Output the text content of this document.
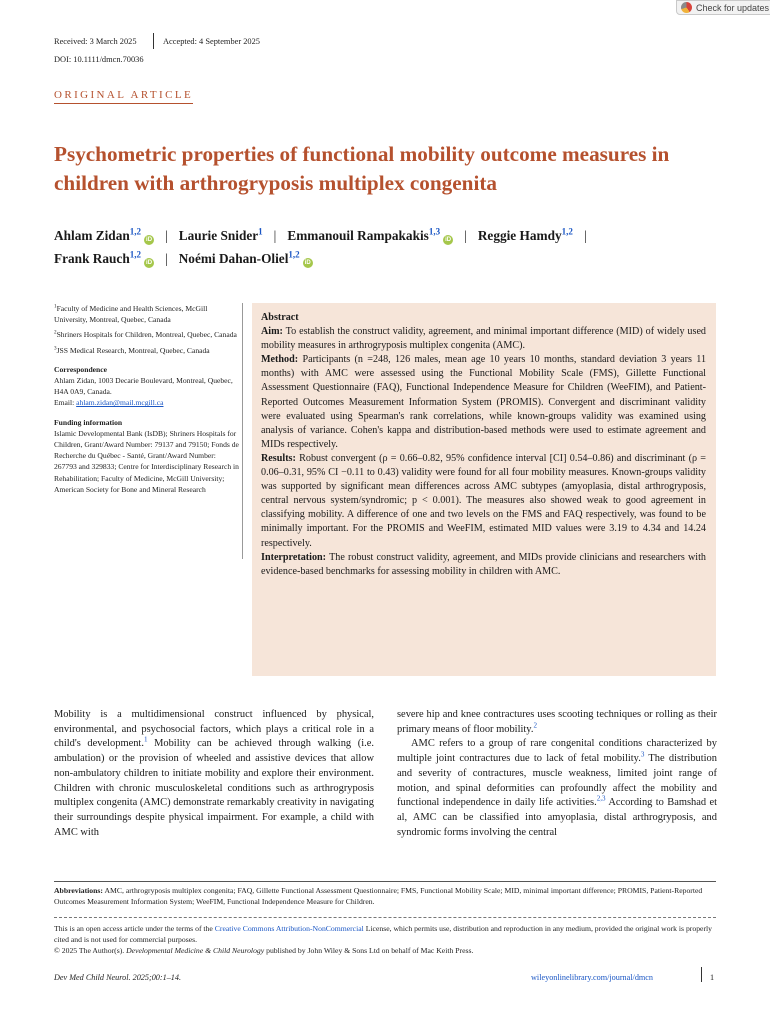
Check for updates
Received: 3 March 2025	Accepted: 4 September 2025
DOI: 10.1111/dmcn.70036
ORIGINAL ARTICLE
Psychometric properties of functional mobility outcome measures in children with arthrogryposis multiplex congenita
Ahlam Zidan$^{1,2}$iD | Laurie Snider$^1$ | Emmanouil Rampakakis$^{1,3}$iD | Reggie Hamdy$^{1,2}$ |
Frank Rauch$^{1,2}$iD | Noémi Dahan-Oliel$^{1,2}$iD
$^1$Faculty of Medicine and Health Sciences, McGill University, Montreal, Quebec, Canada
$^2$Shriners Hospitals for Children, Montreal, Quebec, Canada
$^3$JSS Medical Research, Montreal, Quebec, Canada
Correspondence
Ahlam Zidan, 1003 Decarie Boulevard, Montreal, Quebec, H4A 0A9, Canada.
Email: ahlam.zidan@mail.mcgill.ca
Funding information
Islamic Developmental Bank (IsDB); Shriners Hospitals for Children, Grant/Award Number: 79137 and 79150; Fonds de Recherche du Québec - Santé, Grant/Award Number: 267793 and 329833; Centre for Interdisciplinary Research in Rehabilitation; Faculty of Medicine, McGill University; American Society for Bone and Mineral Research

Abstract

Aim: To establish the construct validity, agreement, and minimal important difference (MID) of widely used mobility measures in arthrogryposis multiplex congenita (AMC).

Method: Participants (n =248, 126 males, mean age 10 years 10 months, standard deviation 3 years 11 months) with AMC were assessed using the Functional Mobility Scale (FMS), Gillette Functional Assessment Questionnaire (FAQ), Functional Independence Measure for Children (WeeFIM), and Patient-Reported Outcomes Measurement Information System (PROMIS). Convergent and discriminant validity were evaluated using Spearman's rank correlations, while known-groups validity was examined using analysis of variance. Cohen's kappa and distribution-based methods were used to estimate agreement and MIDs respectively.

Results: Robust convergent (ρ = 0.66–0.82, 95% confidence interval [CI] 0.54–0.86) and discriminant (ρ = 0.06–0.31, 95% CI −0.11 to 0.43) validity were found for all four mobility measures. Known-groups validity was supported by significant mean differences across AMC subtypes (amyoplasia, distal arthrogryposis, central nervous system/syndromic; p < 0.001). The measures also showed weak to good agreement in classifying mobility. A difference of one and two levels on the FMS and FAQ respectively, was found to be minimally important. For the PROMIS and WeeFIM, estimated MID values were 3.19 to 4.34 and 14.24 respectively.

Interpretation: The robust construct validity, agreement, and MIDs provide clinicians and researchers with evidence-based benchmarks for assessing mobility in children with AMC.

Mobility is a multidimensional construct influenced by physical, environmental, and psychosocial factors, which plays a critical role in a child's development.$^1$ Mobility can be achieved through walking (i.e. ambulation) or the provision of wheeled and assistive devices that allow non-ambulatory children to initiate mobility and explore their environment. Children with chronic musculoskeletal conditions such as arthrogryposis multiplex congenita (AMC) demonstrate remarkably creativity in navigating their surroundings despite physical impairment. For example, a child with AMC with

severe hip and knee contractures uses scooting techniques or rolling as their primary means of floor mobility.$^2$

AMC refers to a group of rare congenital conditions characterized by multiple joint contractures due to lack of fetal mobility.$^3$ The distribution and severity of contractures, muscle weakness, limited joint range of motion, and spinal deformities can profoundly affect the mobility and functional independence in daily life activities.$^{2,3}$ According to Bamshad et al, AMC can be classified into amyoplasia, distal arthrogryposis, and syndromic forms involving the central

Abbreviations: AMC, arthrogryposis multiplex congenita; FAQ, Gillette Functional Assessment Questionnaire; FMS, Functional Mobility Scale; MID, minimal important difference; PROMIS, Patient-Reported Outcomes Measurement Information System; WeeFIM, Functional Independence Measure for Children.
This is an open access article under the terms of the Creative Commons Attribution-NonCommercial License, which permits use, distribution and reproduction in any medium, provided the original work is properly cited and is not used for commercial purposes.
© 2025 The Author(s). Developmental Medicine & Child Neurology published by John Wiley & Sons Ltd on behalf of Mac Keith Press.
Dev Med Child Neurol. 2025;00:1–14.	wileyonlinelibrary.com/journal/dmcn	1
